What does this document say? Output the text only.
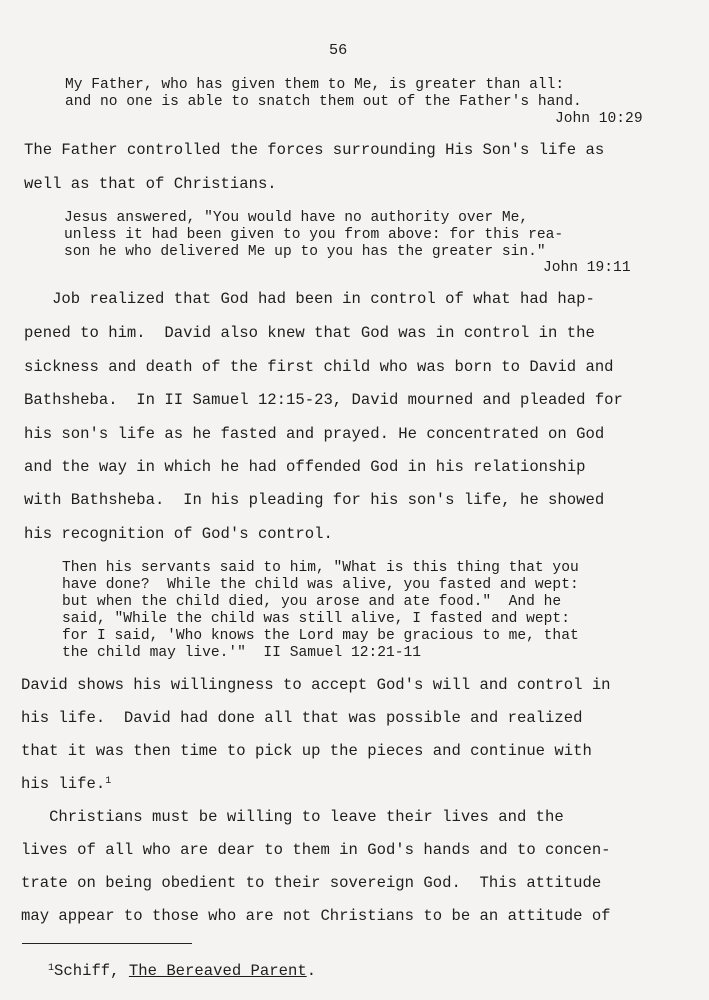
56
My Father, who has given them to Me, is greater than all:
and no one is able to snatch them out of the Father's hand.
John 10:29
The Father controlled the forces surrounding His Son's life as
well as that of Christians.
Jesus answered, "You would have no authority over Me,
unless it had been given to you from above: for this rea-
son he who delivered Me up to you has the greater sin."
John 19:11
Job realized that God had been in control of what had hap-
pened to him.  David also knew that God was in control in the
sickness and death of the first child who was born to David and
Bathsheba.  In II Samuel 12:15-23, David mourned and pleaded for
his son's life as he fasted and prayed. He concentrated on God
and the way in which he had offended God in his relationship
with Bathsheba.  In his pleading for his son's life, he showed
his recognition of God's control.
Then his servants said to him, "What is this thing that you
have done?  While the child was alive, you fasted and wept:
but when the child died, you arose and ate food."  And he
said, "While the child was still alive, I fasted and wept:
for I said, 'Who knows the Lord may be gracious to me, that
the child may live.'"  II Samuel 12:21-11
David shows his willingness to accept God's will and control in
his life.  David had done all that was possible and realized
that it was then time to pick up the pieces and continue with
his life.$^1$
Christians must be willing to leave their lives and the
lives of all who are dear to them in God's hands and to concen-
trate on being obedient to their sovereign God.  This attitude
may appear to those who are not Christians to be an attitude of
$^1$Schiff, The Bereaved Parent.
